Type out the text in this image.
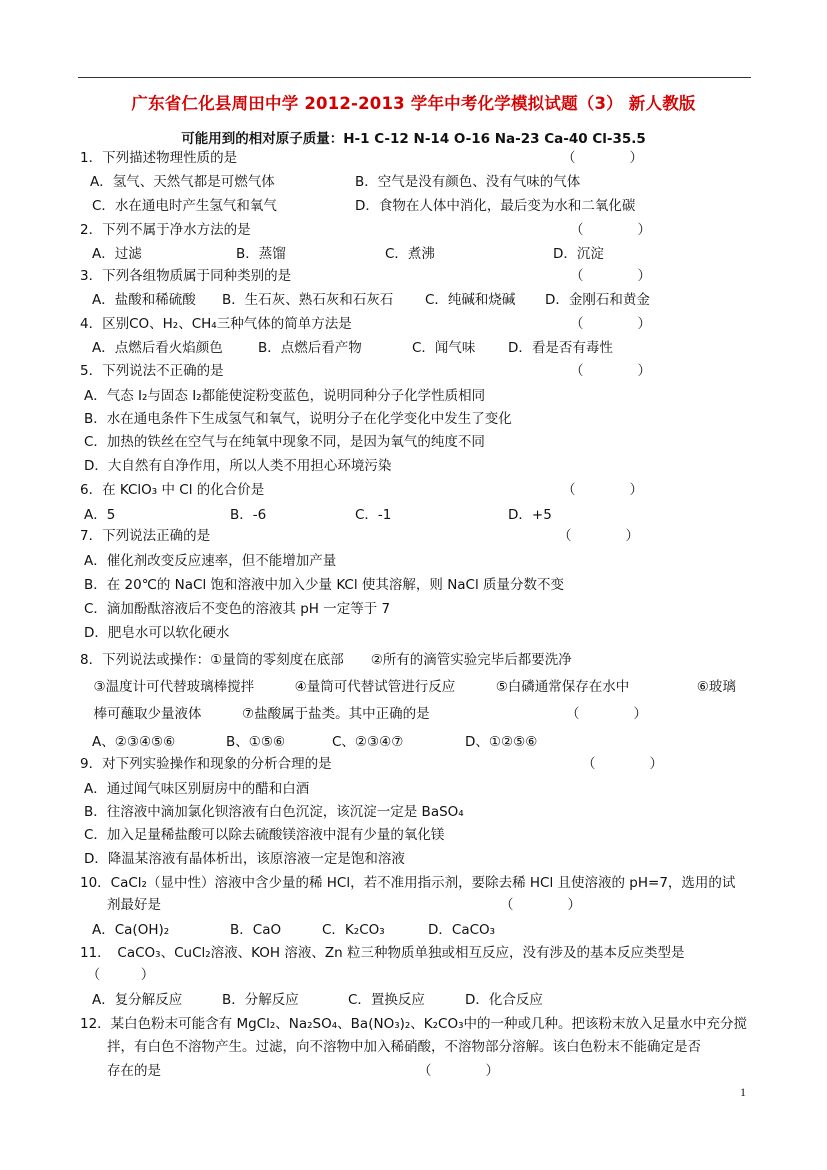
广东省仁化县周田中学 2012-2013 学年中考化学模拟试题（3） 新人教版
可能用到的相对原子质量：H-1 C-12 N-14 O-16 Na-23 Ca-40 Cl-35.5
1．下列描述物理性质的是	（　　　　）
A．氢气、天然气都是可燃气体	B．空气是没有颜色、没有气味的气体
C．水在通电时产生氢气和氧气	D．食物在人体中消化，最后变为水和二氧化碳
2．下列不属于净水方法的是	（　　　　）
A．过滤	B．蒸馏	C．煮沸	D．沉淀
3．下列各组物质属于同种类别的是	（　　　　）
A．盐酸和稀硫酸 B．生石灰、熟石灰和石灰石 C．纯碱和烧碱 D．金刚石和黄金
4．区别CO、H₂、CH₄三种气体的简单方法是	（　　　　）
A．点燃后看火焰颜色	B．点燃后看产物	C．闻气味 D．看是否有毒性
5．下列说法不正确的是	（　　　　）
A．气态 I₂与固态 I₂都能使淀粉变蓝色，说明同种分子化学性质相同
B．水在通电条件下生成氢气和氧气，说明分子在化学变化中发生了变化
C．加热的铁丝在空气与在纯氧中现象不同，是因为氧气的纯度不同
D．大自然有自净作用，所以人类不用担心环境污染
6．在 KClO₃ 中 Cl 的化合价是	（　　　　）
A．5	B．-6	C．-1	D．+5
7．下列说法正确的是	（　　　　）
A．催化剂改变反应速率，但不能增加产量
B．在 20℃的 NaCl 饱和溶液中加入少量 KCl 使其溶解，则 NaCl 质量分数不变
C．滴加酚酞溶液后不变色的溶液其 pH 一定等于 7
D．肥皂水可以软化硬水
8．下列说法或操作：①量筒的零刻度在底部　　②所有的滴管实验完毕后都要洗净
　③温度计可代替玻璃棒搅拌　　　④量筒可代替试管进行反应　　　⑤白磷通常保存在水中　　　　　⑥玻璃
　棒可蘸取少量液体　　　⑦盐酸属于盐类。其中正确的是	（　　　　）
A、②③④⑤⑥	B、①⑤⑥	C、②③④⑦	D、①②⑤⑥
9．对下列实验操作和现象的分析合理的是	（　　　　）
A．通过闻气味区别厨房中的醋和白酒
B．往溶液中滴加氯化钡溶液有白色沉淀，该沉淀一定是 BaSO₄
C．加入足量稀盐酸可以除去硫酸镁溶液中混有少量的氧化镁
D．降温某溶液有晶体析出，该原溶液一定是饱和溶液
10．CaCl₂（显中性）溶液中含少量的稀 HCl，若不准用指示剂，要除去稀 HCl 且使溶液的 pH=7，选用的试
　　剂最好是	（　　　　）
A．Ca(OH)₂	B．CaO	C．K₂CO₃	D．CaCO₃
11．　CaCO₃、CuCl₂溶液、KOH 溶液、Zn 粒三种物质单独或相互反应，没有涉及的基本反应类型是
　（　　　）
A．复分解反应	B．分解反应	C．置换反应	D．化合反应
12．某白色粉末可能含有 MgCl₂、Na₂SO₄、Ba(NO₃)₂、K₂CO₃中的一种或几种。把该粉末放入足量水中充分搅
　　拌，有白色不溶物产生。过滤，向不溶物中加入稀硝酸，不溶物部分溶解。该白色粉末不能确定是否
　　存在的是	（　　　　）
1
